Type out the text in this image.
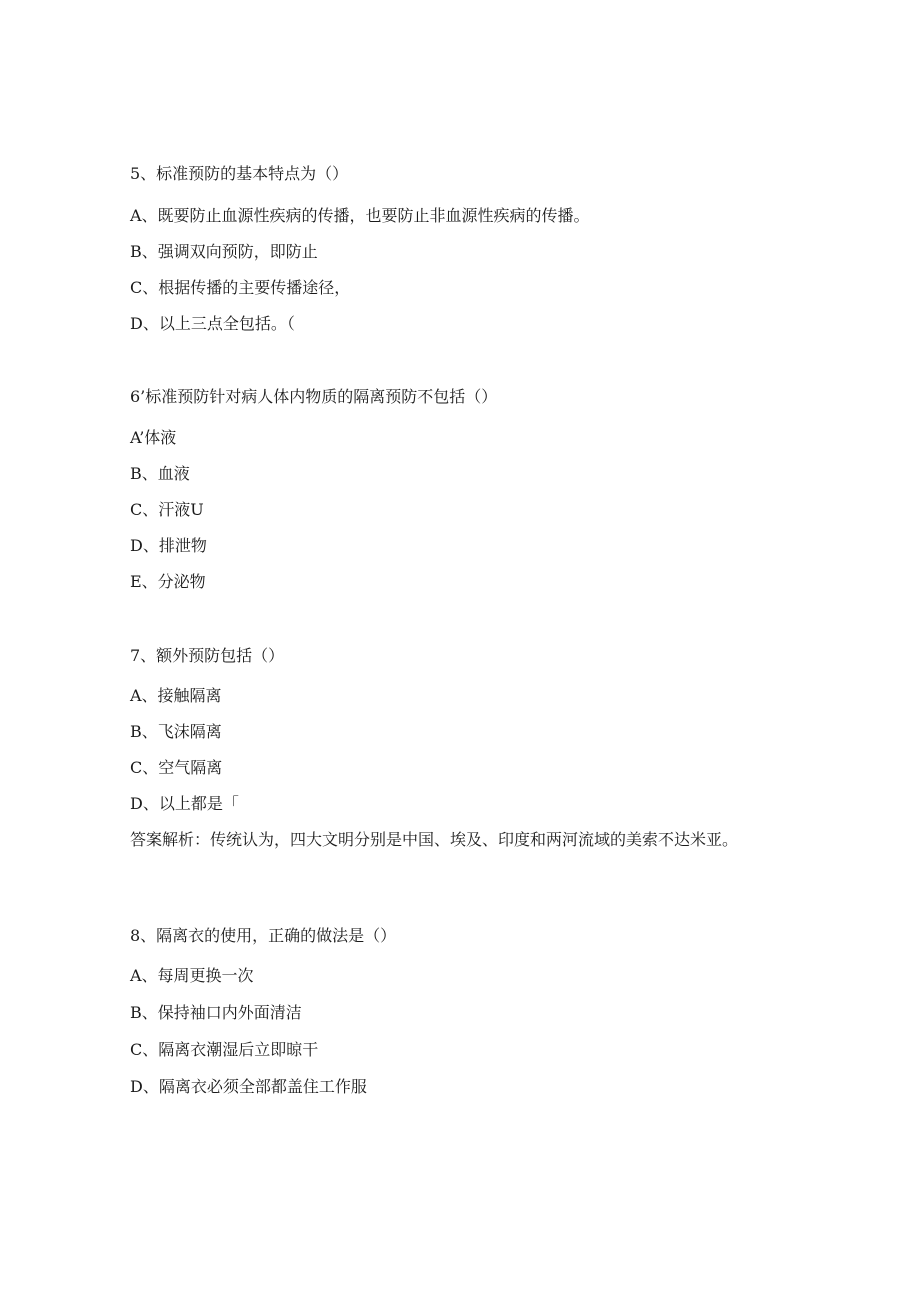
5、标准预防的基本特点为（）
A、既要防止血源性疾病的传播，也要防止非血源性疾病的传播。
B、强调双向预防，即防止
C、根据传播的主要传播途径，
D、以上三点全包括。（
6’标准预防针对病人体内物质的隔离预防不包括（）
A’体液
B、血液
C、汗液U
D、排泄物
E、分泌物
7、额外预防包括（）
A、接触隔离
B、飞沫隔离
C、空气隔离
D、以上都是「
答案解析：传统认为，四大文明分别是中国、埃及、印度和两河流域的美索不达米亚。
8、隔离衣的使用，正确的做法是（）
A、每周更换一次
B、保持袖口内外面清洁
C、隔离衣潮湿后立即晾干
D、隔离衣必须全部都盖住工作服
